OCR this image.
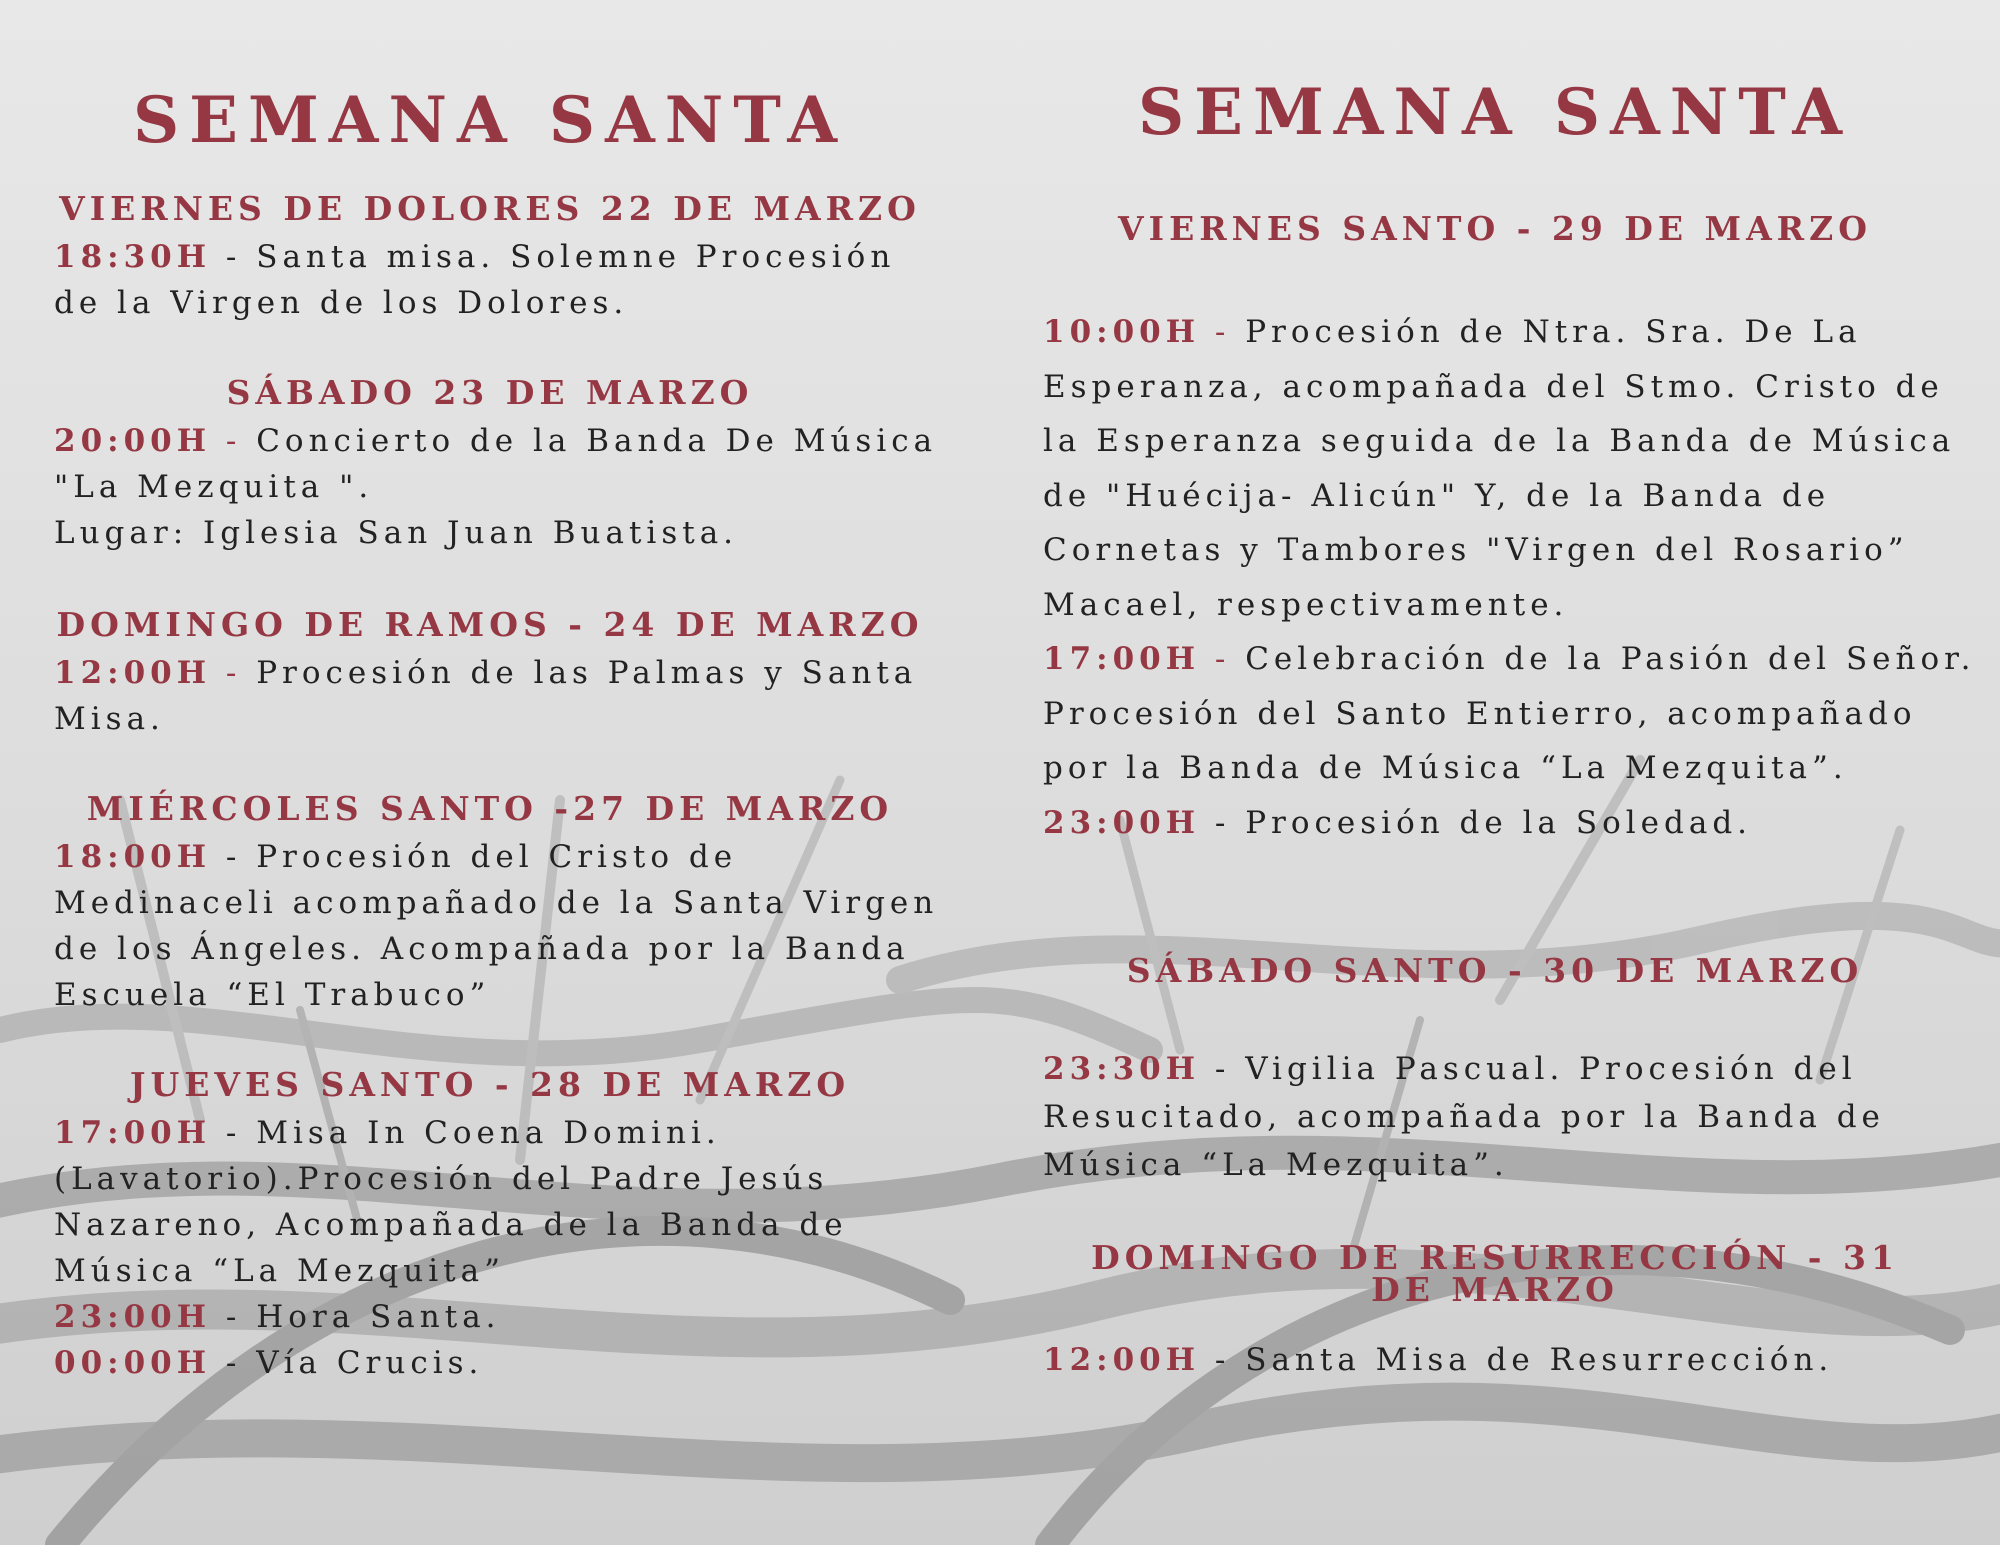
SEMANA SANTA
VIERNES DE DOLORES 22 DE MARZO

18:30H - Santa misa. Solemne Procesión de la Virgen de los Dolores.

SÁBADO 23 DE MARZO

20:00H - Concierto de la Banda De Música "La Mezquita ".
Lugar: Iglesia San Juan Buatista.

DOMINGO DE RAMOS - 24 DE MARZO

12:00H - Procesión de las Palmas y Santa Misa.

MIÉRCOLES SANTO -27 DE MARZO

18:00H - Procesión del Cristo de Medinaceli acompañado de la Santa Virgen de los Ángeles. Acompañada por la Banda Escuela “El Trabuco”

JUEVES SANTO - 28 DE MARZO

17:00H - Misa In Coena Domini. (Lavatorio).Procesión del Padre Jesús Nazareno, Acompañada de la Banda de Música “La Mezquita”
23:00H - Hora Santa.
00:00H - Vía Crucis.

SEMANA SANTA
VIERNES SANTO - 29 DE MARZO

10:00H - Procesión de Ntra. Sra. De La Esperanza, acompañada del Stmo. Cristo de la Esperanza seguida de la Banda de Música de "Huécija- Alicún" Y, de la Banda de Cornetas y Tambores "Virgen del Rosario” Macael, respectivamente.
17:00H - Celebración de la Pasión del Señor. Procesión del Santo Entierro, acompañado por la Banda de Música “La Mezquita”.
23:00H - Procesión de la Soledad.

SÁBADO SANTO - 30 DE MARZO

23:30H - Vigilia Pascual. Procesión del Resucitado, acompañada por la Banda de Música “La Mezquita”.

DOMINGO DE RESURRECCIÓN - 31 DE MARZO

12:00H - Santa Misa de Resurrección.
